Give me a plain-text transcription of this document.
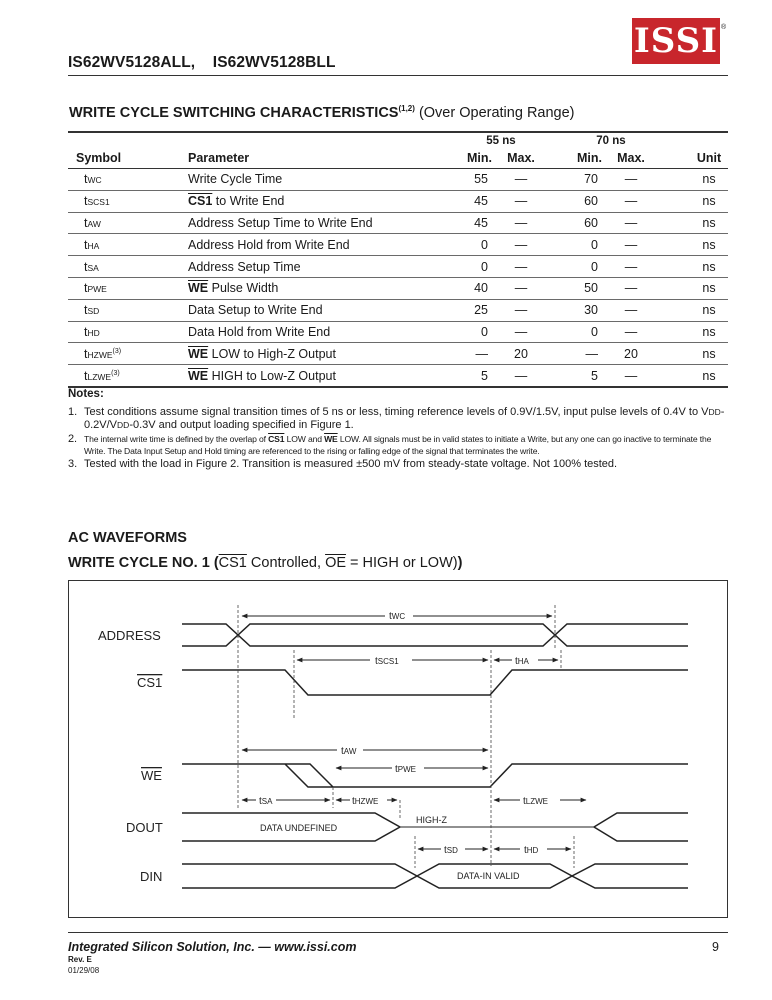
IS62WV5128ALL,    IS62WV5128BLL
ISSI ®
WRITE CYCLE SWITCHING CHARACTERISTICS$^{(1,2)}$ (Over Operating Range)
		55 ns		70 ns		
Symbol	Parameter	Min.	Max.	Min.	Max.	Unit
tWC	Write Cycle Time	55	—	70	—	ns
tSCS1	CS1 to Write End	45	—	60	—	ns
tAW	Address Setup Time to Write End	45	—	60	—	ns
tHA	Address Hold from Write End	0	—	0	—	ns
tSA	Address Setup Time	0	—	0	—	ns
tPWE	$\overline{WE}$ Pulse Width	40	—	50	—	ns
tSD	Data Setup to Write End	25	—	30	—	ns
tHD	Data Hold from Write End	0	—	0	—	ns
tHZWE$^{(3)}$	$\overline{WE}$ LOW to High-Z Output	—	20	—	20	ns
tLZWE$^{(3)}$	$\overline{WE}$ HIGH to Low-Z Output	5	—	5	—	ns
Notes:
1. Test conditions assume signal transition times of 5 ns or less, timing reference levels of 0.9V/1.5V, input pulse levels of 0.4V to VDD-0.2V/VDD-0.3V and output loading specified in Figure 1.
2. The internal write time is defined by the overlap of CS1 LOW and $\overline{WE}$ LOW. All signals must be in valid states to initiate a Write, but any one can go inactive to terminate the Write. The Data Input Setup and Hold timing are referenced to the rising or falling edge of the signal that terminates the write.
3. Tested with the load in Figure 2. Transition is measured ±500 mV from steady-state voltage. Not 100% tested.
AC WAVEFORMS
WRITE CYCLE NO. 1 (CS1 Controlled, $\overline{OE}$ = HIGH or LOW))
ADDRESS
CS1
WE
DOUT
DIN
tWC
tSCS1	tHA
tAW
tPWE
tSA	tHZWE	tLZWE
tSD	tHD
DATA UNDEFINED
HIGH-Z
DATA-IN VALID
Integrated Silicon Solution, Inc. — www.issi.com
Rev. E
01/29/08
9
